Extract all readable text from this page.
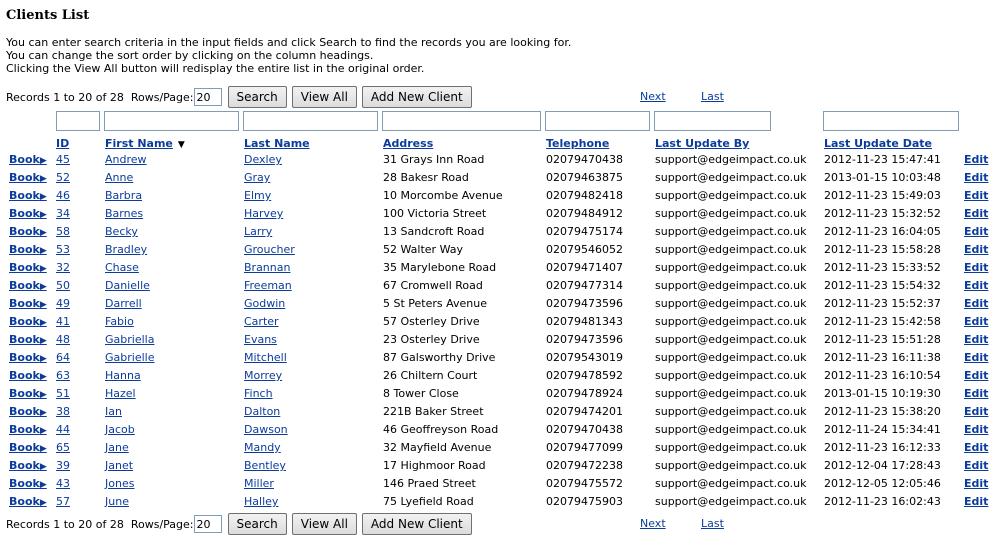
Clients List
You can enter search criteria in the input fields and click Search to find the records you are looking for.
You can change the sort order by clicking on the column headings.
Clicking the View All button will redisplay the entire list in the original order.
Records 1 to 20 of 28 Rows/Page:
20	Search	View All	Add New Client	Next	Last
ID	First Name ▼	Last Name	Address	Telephone	Last Update By	Last Update Date
Book▶ 45	Andrew	Dexley	31 Grays Inn Road	02079470438	support@edgeimpact.co.uk 2012-11-23 15:47:41 Edit
Book▶ 52	Anne	Gray	28 Bakesr Road	02079463875	support@edgeimpact.co.uk 2013-01-15 10:03:48 Edit
Book▶ 46	Barbra	Elmy	10 Morcombe Avenue	02079482418	support@edgeimpact.co.uk 2012-11-23 15:49:03 Edit
Book▶ 34	Barnes	Harvey	100 Victoria Street	02079484912	support@edgeimpact.co.uk 2012-11-23 15:32:52 Edit
Book▶ 58	Becky	Larry	13 Sandcroft Road	02079475174	support@edgeimpact.co.uk 2012-11-23 16:04:05 Edit
Book▶ 53	Bradley	Groucher	52 Walter Way	02079546052	support@edgeimpact.co.uk 2012-11-23 15:58:28 Edit
Book▶ 32	Chase	Brannan	35 Marylebone Road	02079471407	support@edgeimpact.co.uk 2012-11-23 15:33:52 Edit
Book▶ 50	Danielle	Freeman	67 Cromwell Road	02079477314	support@edgeimpact.co.uk 2012-11-23 15:54:32 Edit
Book▶ 49	Darrell	Godwin	5 St Peters Avenue	02079473596	support@edgeimpact.co.uk 2012-11-23 15:52:37 Edit
Book▶ 41	Fabio	Carter	57 Osterley Drive	02079481343	support@edgeimpact.co.uk 2012-11-23 15:42:58 Edit
Book▶ 48	Gabriella	Evans	23 Osterley Drive	02079473596	support@edgeimpact.co.uk 2012-11-23 15:51:28 Edit
Book▶ 64	Gabrielle	Mitchell	87 Galsworthy Drive	02079543019	support@edgeimpact.co.uk 2012-11-23 16:11:38 Edit
Book▶ 63	Hanna	Morrey	26 Chiltern Court	02079478592	support@edgeimpact.co.uk 2012-11-23 16:10:54 Edit
Book▶ 51	Hazel	Finch	8 Tower Close	02079478924	support@edgeimpact.co.uk 2013-01-15 10:19:30 Edit
Book▶ 38	Ian	Dalton	221B Baker Street	02079474201	support@edgeimpact.co.uk 2012-11-23 15:38:20 Edit
Book▶ 44	Jacob	Dawson	46 Geoffreyson Road	02079470438	support@edgeimpact.co.uk 2012-11-24 15:34:41 Edit
Book▶ 65	Jane	Mandy	32 Mayfield Avenue	02079477099	support@edgeimpact.co.uk 2012-11-23 16:12:33 Edit
Book▶ 39	Janet	Bentley	17 Highmoor Road	02079472238	support@edgeimpact.co.uk 2012-12-04 17:28:43 Edit
Book▶ 43	Jones	Miller	146 Praed Street	02079475572	support@edgeimpact.co.uk 2012-12-05 12:05:46 Edit
Book▶ 57	June	Halley	75 Lyefield Road	02079475903	support@edgeimpact.co.uk 2012-11-23 16:02:43 Edit
Records 1 to 20 of 28 Rows/Page:
20	Search	View All	Add New Client	Next	Last
